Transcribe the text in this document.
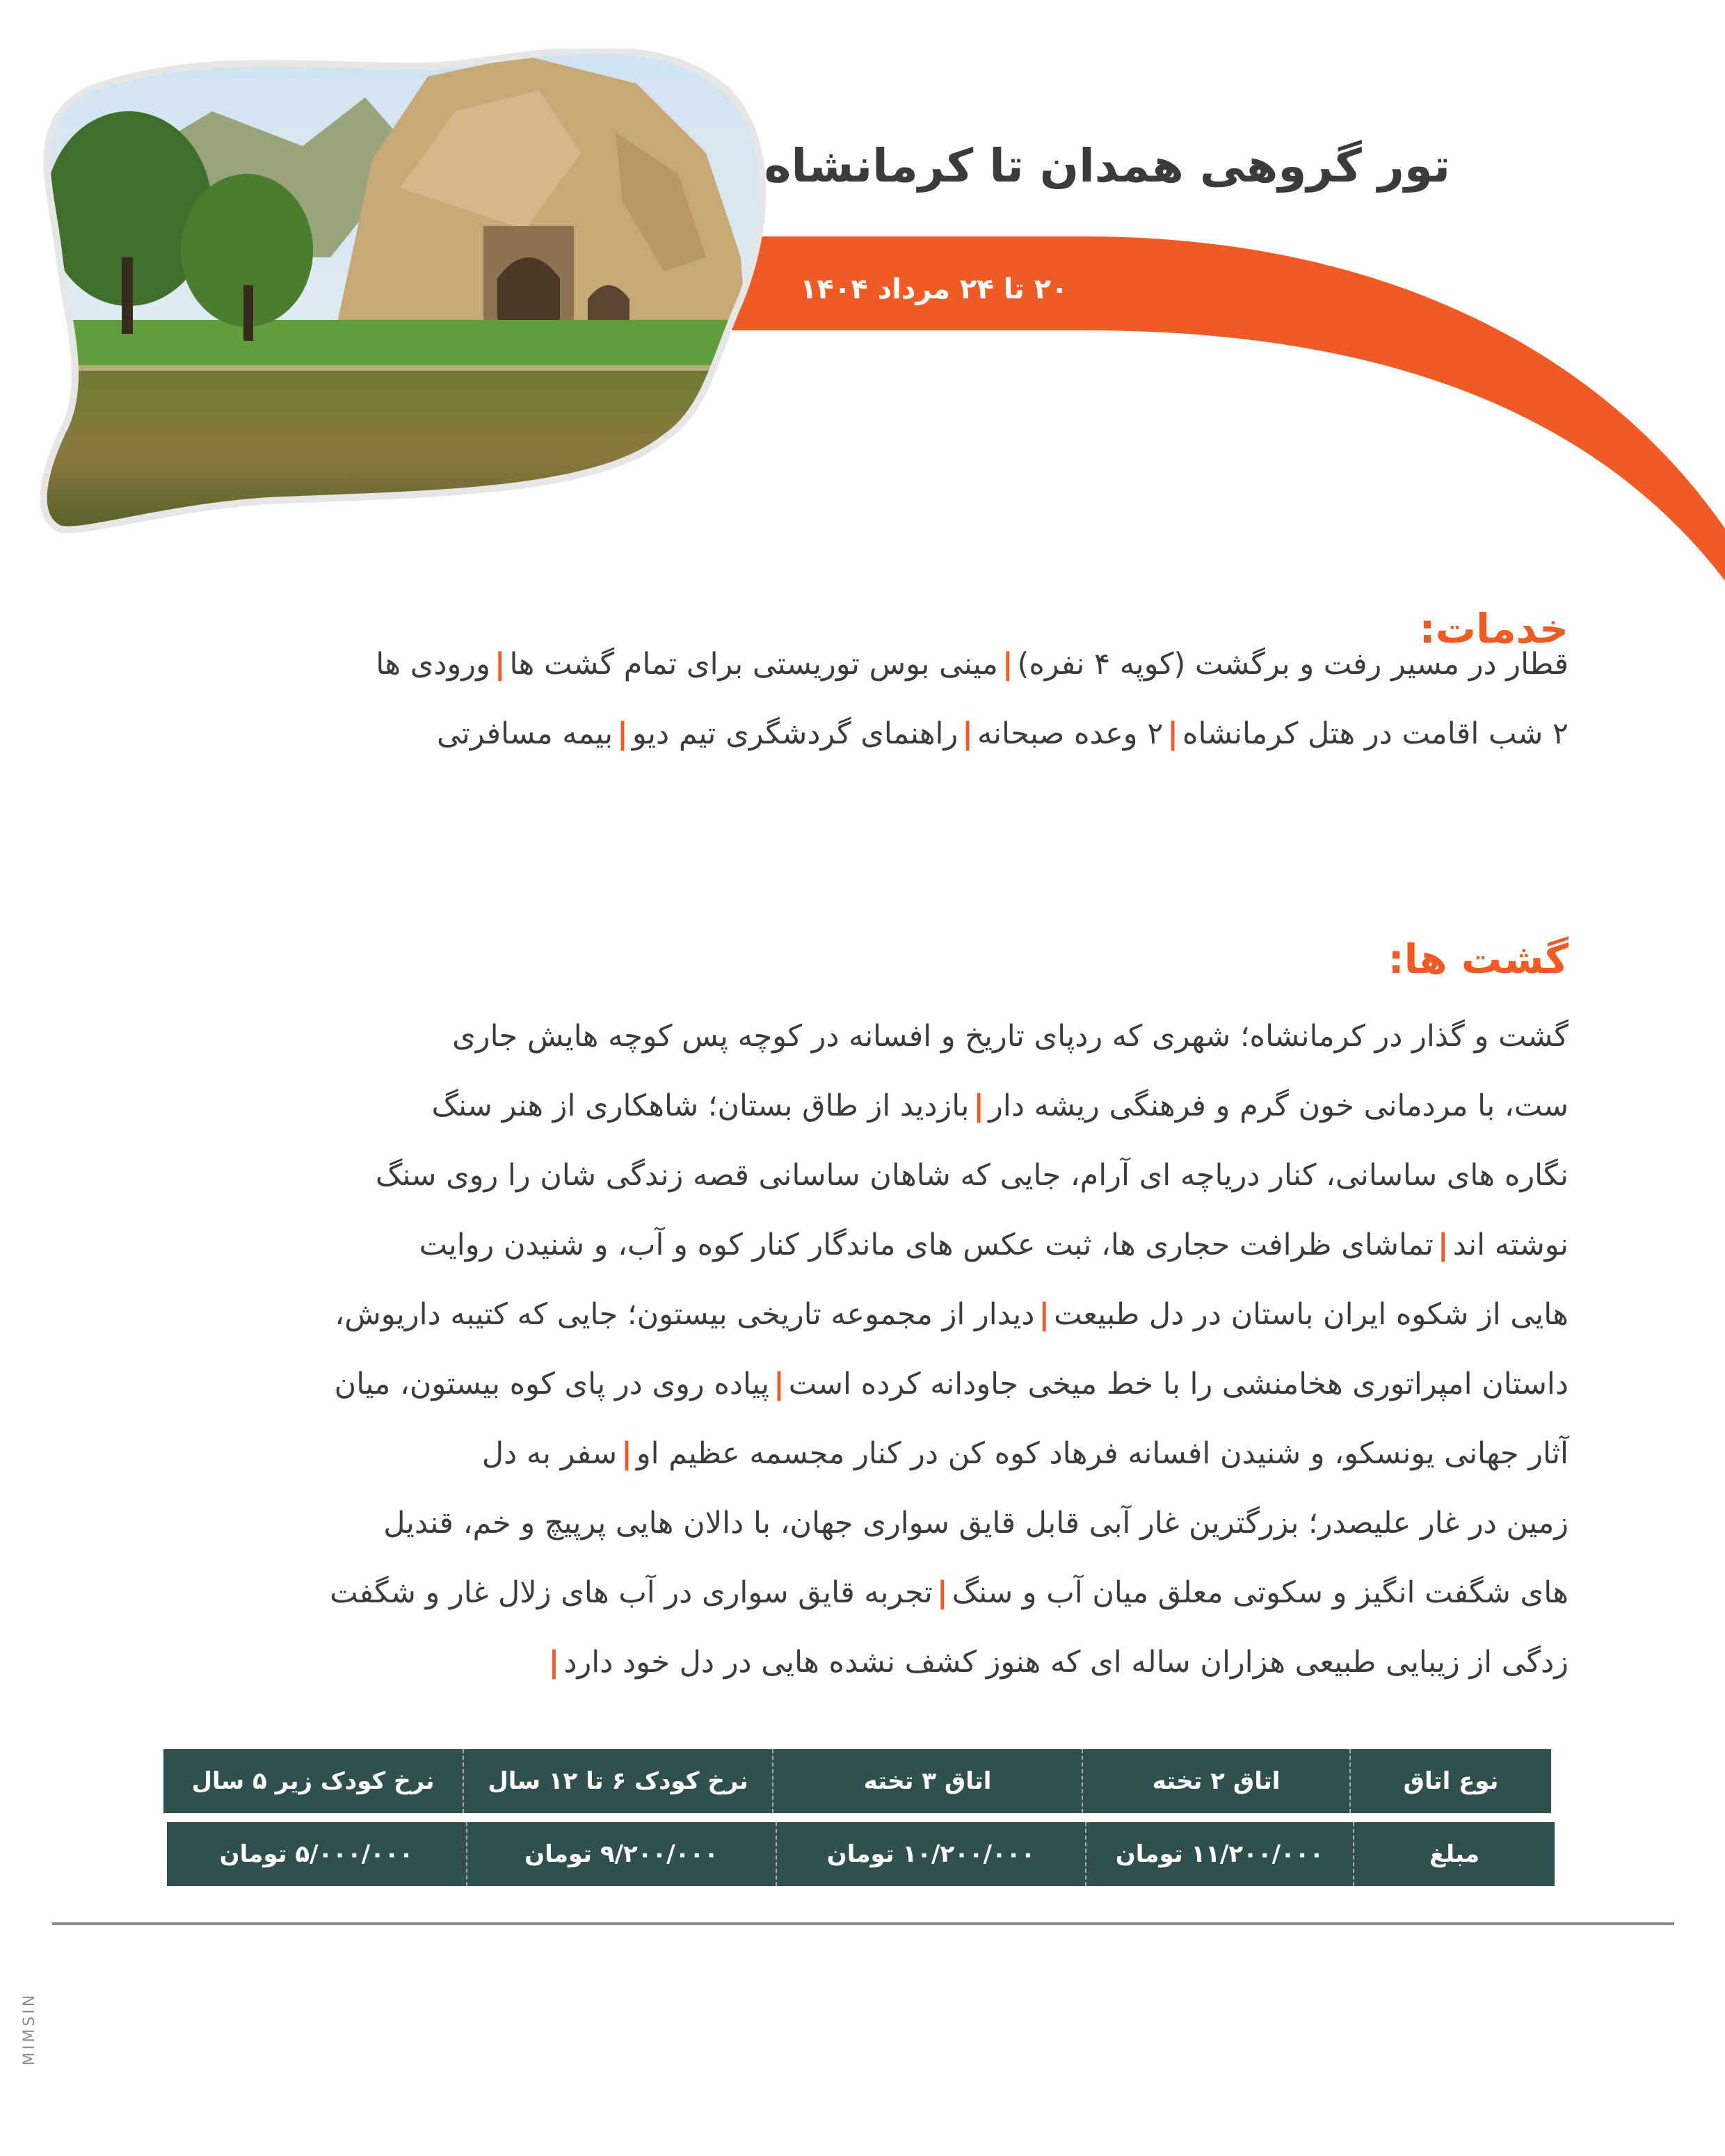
تور گروهی همدان تا کرمانشاه
۲۰ تا ۲۴ مرداد ۱۴۰۴
خدمات:
قطار در مسیر رفت و برگشت (کوپه ۴ نفره)|مینی بوس توریستی برای تمام گشت ها|ورودی ها
۲ شب اقامت در هتل کرمانشاه|۲ وعده صبحانه|راهنمای گردشگری تیم دیو|بیمه مسافرتی
گشت ها:
گشت و گذار در کرمانشاه؛ شهری که ردپای تاریخ و افسانه در کوچه پس کوچه هایش جاری
ست، با مردمانی خون گرم و فرهنگی ریشه دار|بازدید از طاق بستان؛ شاهکاری از هنر سنگ
نگاره های ساسانی، کنار دریاچه ای آرام، جایی که شاهان ساسانی قصه زندگی شان را روی سنگ
نوشته اند|تماشای ظرافت حجاری ها، ثبت عکس های ماندگار کنار کوه و آب، و شنیدن روایت
هایی از شکوه ایران باستان در دل طبیعت|دیدار از مجموعه تاریخی بیستون؛ جایی که کتیبه داریوش،
داستان امپراتوری هخامنشی را با خط میخی جاودانه کرده است|پیاده روی در پای کوه بیستون، میان
آثار جهانی یونسکو، و شنیدن افسانه فرهاد کوه کن در کنار مجسمه عظیم او|سفر به دل
زمین در غار علیصدر؛ بزرگترین غار آبی قابل قایق سواری جهان، با دالان هایی پرپیچ و خم، قندیل
های شگفت انگیز و سکوتی معلق میان آب و سنگ|تجربه قایق سواری در آب های زلال غار و شگفت
زدگی از زیبایی طبیعی هزاران ساله ای که هنوز کشف نشده هایی در دل خود دارد|
نوع اتاق
اتاق ۲ تخته
اتاق ۳ تخته
نرخ کودک ۶ تا ۱۲ سال
نرخ کودک زیر ۵ سال
مبلغ
۱۱/۲۰۰/۰۰۰ تومان
۱۰/۲۰۰/۰۰۰ تومان
۹/۲۰۰/۰۰۰ تومان
۵/۰۰۰/۰۰۰ تومان
MIMSIN
